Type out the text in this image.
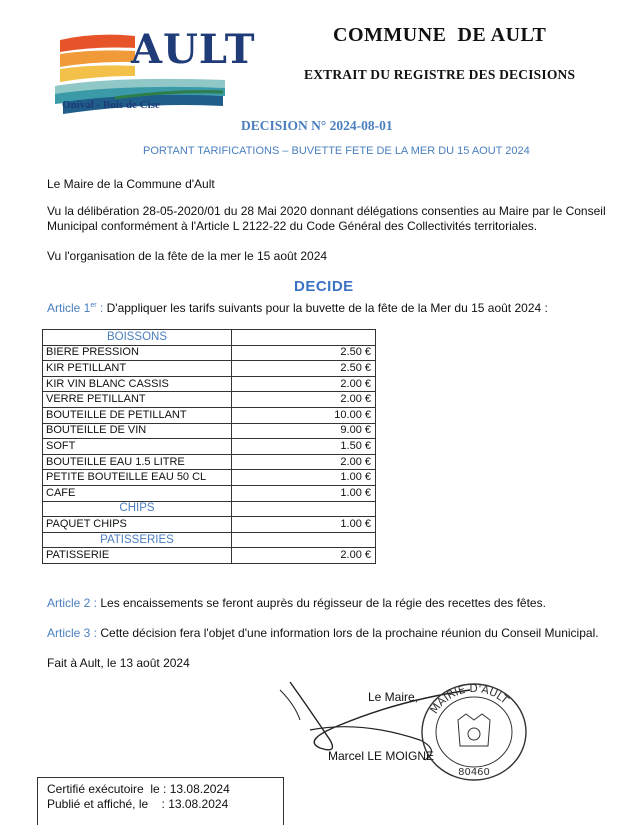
AULT
Onival - Bois de Cise
COMMUNE  DE AULT
EXTRAIT DU REGISTRE DES DECISIONS
DECISION N° 2024-08-01
PORTANT TARIFICATIONS – BUVETTE FETE DE LA MER DU 15 AOUT 2024
Le Maire de la Commune d'Ault
Vu la délibération 28-05-2020/01 du 28 Mai 2020 donnant délégations consenties au Maire par le Conseil
Municipal conformément à l'Article L 2122-22 du Code Général des Collectivités territoriales.
Vu l'organisation de la fête de la mer le 15 août 2024
DECIDE
Article 1er : D'appliquer les tarifs suivants pour la buvette de la fête de la Mer du 15 août 2024 :
BOISSONS	
BIERE PRESSION	2.50 €
KIR PETILLANT	2.50 €
KIR VIN BLANC CASSIS	2.00 €
VERRE PETILLANT	2.00 €
BOUTEILLE DE PETILLANT	10.00 €
BOUTEILLE DE VIN	9.00 €
SOFT	1.50 €
BOUTEILLE EAU 1.5 LITRE	2.00 €
PETITE BOUTEILLE EAU 50 CL	1.00 €
CAFE	1.00 €
CHIPS	
PAQUET CHIPS	1.00 €
PATISSERIES	
PATISSERIE	2.00 €
Article 2 : Les encaissements se feront auprès du régisseur de la régie des recettes des fêtes.
Article 3 : Cette décision fera l'objet d'une information lors de la prochaine réunion du Conseil Municipal.
Fait à Ault, le 13 août 2024
Le Maire,
Marcel LE MOIGNE
MAIRIE D'AULT
80460
Certifié exécutoire  le : 13.08.2024
Publié et affiché, le    : 13.08.2024
